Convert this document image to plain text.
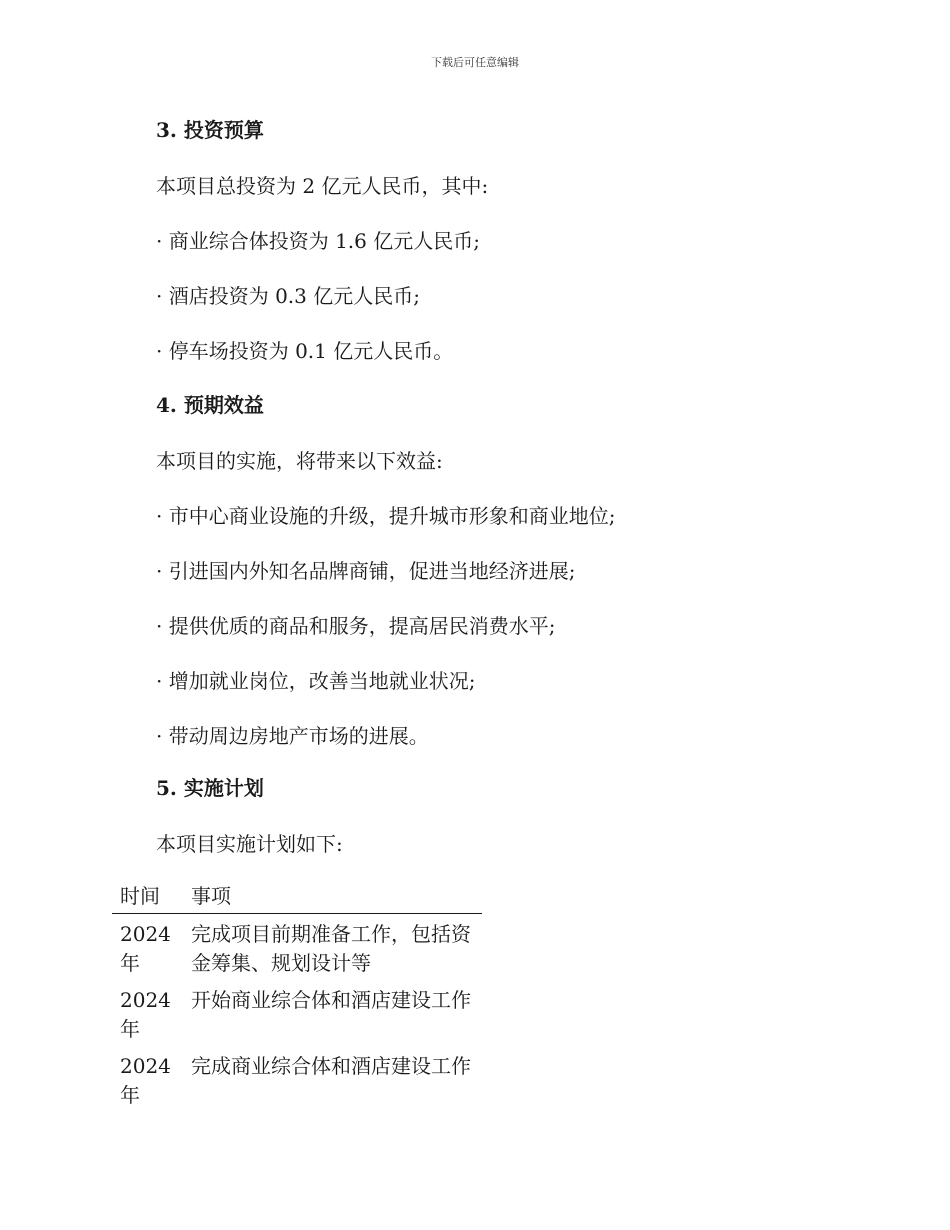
下载后可任意编辑
3. 投资预算
本项目总投资为 2 亿元人民币，其中:
· 商业综合体投资为 1.6 亿元人民币;
· 酒店投资为 0.3 亿元人民币;
· 停车场投资为 0.1 亿元人民币。
4. 预期效益
本项目的实施，将带来以下效益:
· 市中心商业设施的升级，提升城市形象和商业地位;
· 引进国内外知名品牌商铺，促进当地经济进展;
· 提供优质的商品和服务，提高居民消费水平;
· 增加就业岗位，改善当地就业状况;
· 带动周边房地产市场的进展。
5. 实施计划
本项目实施计划如下:
时间	事项
2024 年	完成项目前期准备工作，包括资金筹集、规划设计等
2024 年	开始商业综合体和酒店建设工作
2024 年	完成商业综合体和酒店建设工作
